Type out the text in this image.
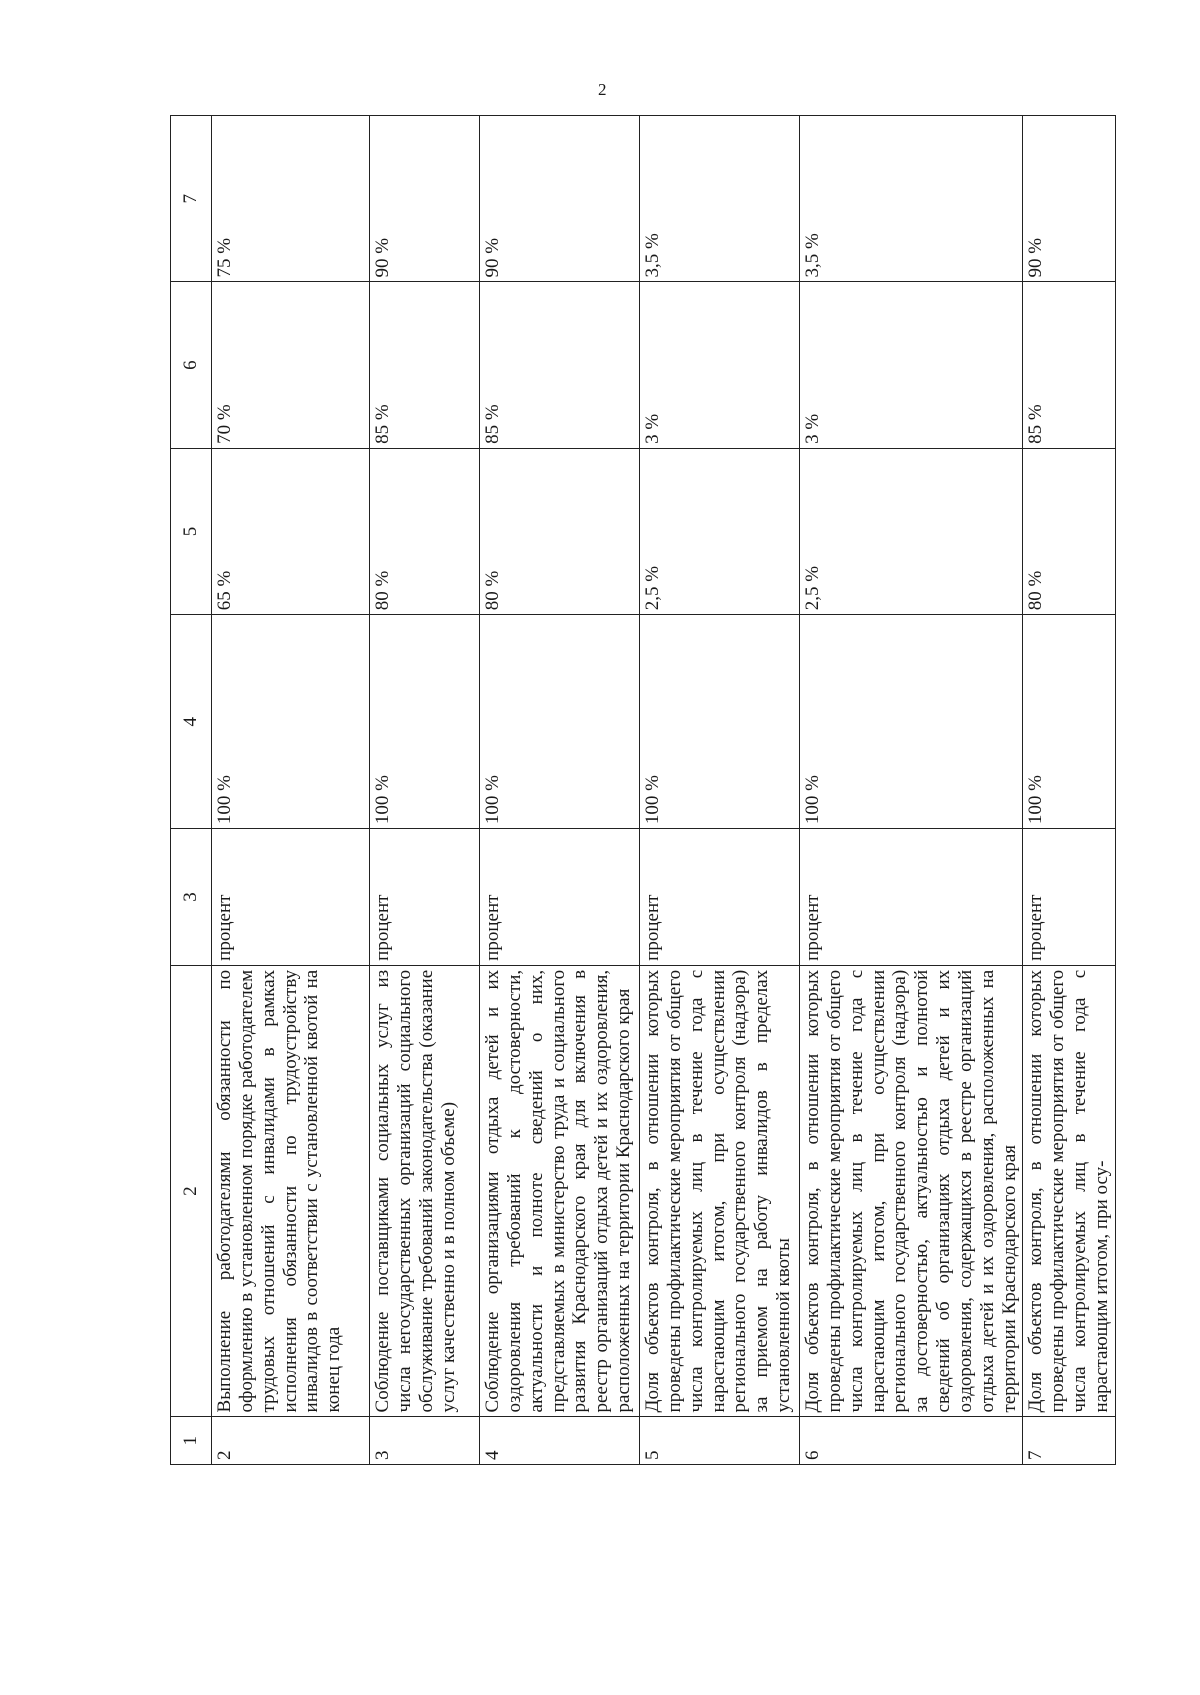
2
1	2	3	4	5	6	7
2	Выполнение работодателями обязанности по оформлению в установленном порядке работодателем трудовых отношений с инвалидами в рамках исполнения обязанности по трудоустройству инвалидов в соответствии с установленной квотой на конец года	процент	100 %	65 %	70 %	75 %
3	Соблюдение поставщиками социальных услуг из числа негосударственных организаций социального обслуживание требований законодательства (оказание услуг качественно и в полном объеме)	процент	100 %	80 %	85 %	90 %
4	Соблюдение организациями отдыха детей и их оздоровления требований к достоверности, актуальности и полноте сведений о них, представляемых в министерство труда и социального развития Краснодарского края для включения в реестр организаций отдыха детей и их оздоровления, расположенных на территории Краснодарского края	процент	100 %	80 %	85 %	90 %
5	Доля объектов контроля, в отношении которых проведены профилактические мероприятия от общего числа контролируемых лиц в течение года с нарастающим итогом, при осуществлении регионального государственного контроля (надзора) за приемом на работу инвалидов в пределах установленной квоты	процент	100 %	2,5 %	3 %	3,5 %
6	Доля объектов контроля, в отношении которых проведены профилактические мероприятия от общего числа контролируемых лиц в течение года с нарастающим итогом, при осуществлении регионального государственного контроля (надзора) за достоверностью, актуальностью и полнотой сведений об организациях отдыха детей и их оздоровления, содержащихся в реестре организаций отдыха детей и их оздоровления, расположенных на территории Краснодарского края	процент	100 %	2,5 %	3 %	3,5 %
7	Доля объектов контроля, в отношении которых проведены профилактические мероприятия от общего числа контролируемых лиц в течение года с нарастающим итогом, при осу-	процент	100 %	80 %	85 %	90 %
